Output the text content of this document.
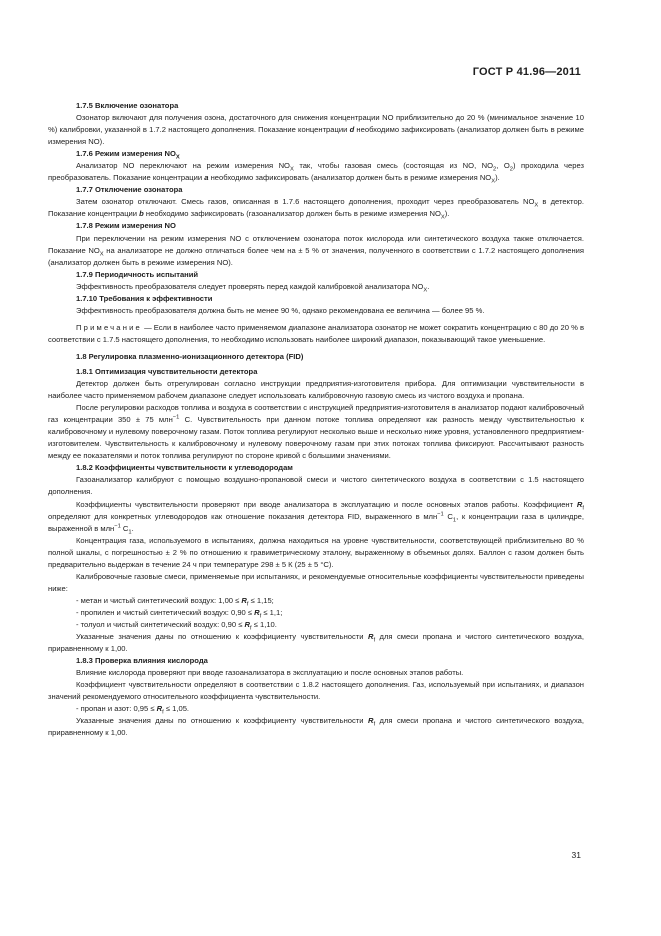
ГОСТ Р 41.96—2011
1.7.5 Включение озонатора

Озонатор включают для получения озона, достаточного для снижения концентрации NO приблизительно до 20 % (минимальное значение 10 %) калибровки, указанной в 1.7.2 настоящего дополнения. Показание концентрации d необходимо зафиксировать (анализатор должен быть в режиме измерения NO).

1.7.6 Режим измерения $NO_X$

Анализатор NO переключают на режим измерения $NO_X$ так, чтобы газовая смесь (состоящая из NO, $NO_2$, $O_2$) проходила через преобразователь. Показание концентрации a необходимо зафиксировать (анализатор должен быть в режиме измерения $NO_X$).

1.7.7 Отключение озонатора

Затем озонатор отключают. Смесь газов, описанная в 1.7.6 настоящего дополнения, проходит через преобразователь $NO_X$ в детектор. Показание концентрации b необходимо зафиксировать (газоанализатор должен быть в режиме измерения $NO_X$).

1.7.8 Режим измерения NO

При переключении на режим измерения NO с отключением озонатора поток кислорода или синтетического воздуха также отключается. Показание $NO_X$ на анализаторе не должно отличаться более чем на ± 5 % от значения, полученного в соответствии с 1.7.2 настоящего дополнения (анализатор должен быть в режиме измерения NO).

1.7.9 Периодичность испытаний

Эффективность преобразователя следует проверять перед каждой калибровкой анализатора $NO_X$.

1.7.10 Требования к эффективности

Эффективность преобразователя должна быть не менее 90 %, однако рекомендована ее величина — более 95 %.

Примечание — Если в наиболее часто применяемом диапазоне анализатора озонатор не может сократить концентрацию с 80 до 20 % в соответствии с 1.7.5 настоящего дополнения, то необходимо использовать наиболее широкий диапазон, показывающий такое уменьшение.

1.8 Регулировка плазменно-ионизационного детектора (FID)
1.8.1 Оптимизация чувствительности детектора

Детектор должен быть отрегулирован согласно инструкции предприятия-изготовителя прибора. Для оптимизации чувствительности в наиболее часто применяемом рабочем диапазоне следует использовать калибровочную газовую смесь из чистого воздуха и пропана.

После регулировки расходов топлива и воздуха в соответствии с инструкцией предприятия-изготовителя в анализатор подают калибровочный газ концентрации 350 ± 75 млн$^{-1}$ С. Чувствительность при данном потоке топлива определяют как разность между чувствительностью к калибровочному и нулевому поверочному газам. Поток топлива регулируют несколько выше и несколько ниже уровня, установленного предприятием-изготовителем. Чувствительность к калибровочному и нулевому поверочному газам при этих потоках топлива фиксируют. Рассчитывают разность между ее показателями и поток топлива регулируют по стороне кривой с большими значениями.

1.8.2 Коэффициенты чувствительности к углеводородам

Газоанализатор калибруют с помощью воздушно-пропановой смеси и чистого синтетического воздуха в соответствии с 1.5 настоящего дополнения.

Коэффициенты чувствительности проверяют при вводе анализатора в эксплуатацию и после основных этапов работы. Коэффициент $R_f$ определяют для конкретных углеводородов как отношение показания детектора FID, выраженного в млн$^{-1}$ $С_1$, к концентрации газа в цилиндре, выраженной в млн$^{-1}$ $С_1$.

Концентрация газа, используемого в испытаниях, должна находиться на уровне чувствительности, соответствующей приблизительно 80 % полной шкалы, с погрешностью ± 2 % по отношению к гравиметрическому эталону, выраженному в объемных долях. Баллон с газом должен быть предварительно выдержан в течение 24 ч при температуре 298 ± 5 К (25 ± 5 °С).

Калибровочные газовые смеси, применяемые при испытаниях, и рекомендуемые относительные коэффициенты чувствительности приведены ниже:

- метан и чистый синтетический воздух: $1,00 \le R_f \le 1,15$;

- пропилен и чистый синтетический воздух: $0,90 \le R_f \le 1,1$;

- толуол и чистый синтетический воздух: $0,90 \le R_f \le 1,10$.

Указанные значения даны по отношению к коэффициенту чувствительности $R_f$ для смеси пропана и чистого синтетического воздуха, приравненному к 1,00.

1.8.3 Проверка влияния кислорода

Влияние кислорода проверяют при вводе газоанализатора в эксплуатацию и после основных этапов работы.

Коэффициент чувствительности определяют в соответствии с 1.8.2 настоящего дополнения. Газ, используемый при испытаниях, и диапазон значений рекомендуемого относительного коэффициента чувствительности.

- пропан и азот: $0,95 \le R_f \le 1,05$.

Указанные значения даны по отношению к коэффициенту чувствительности $R_f$ для смеси пропана и чистого синтетического воздуха, приравненному к 1,00.

31
